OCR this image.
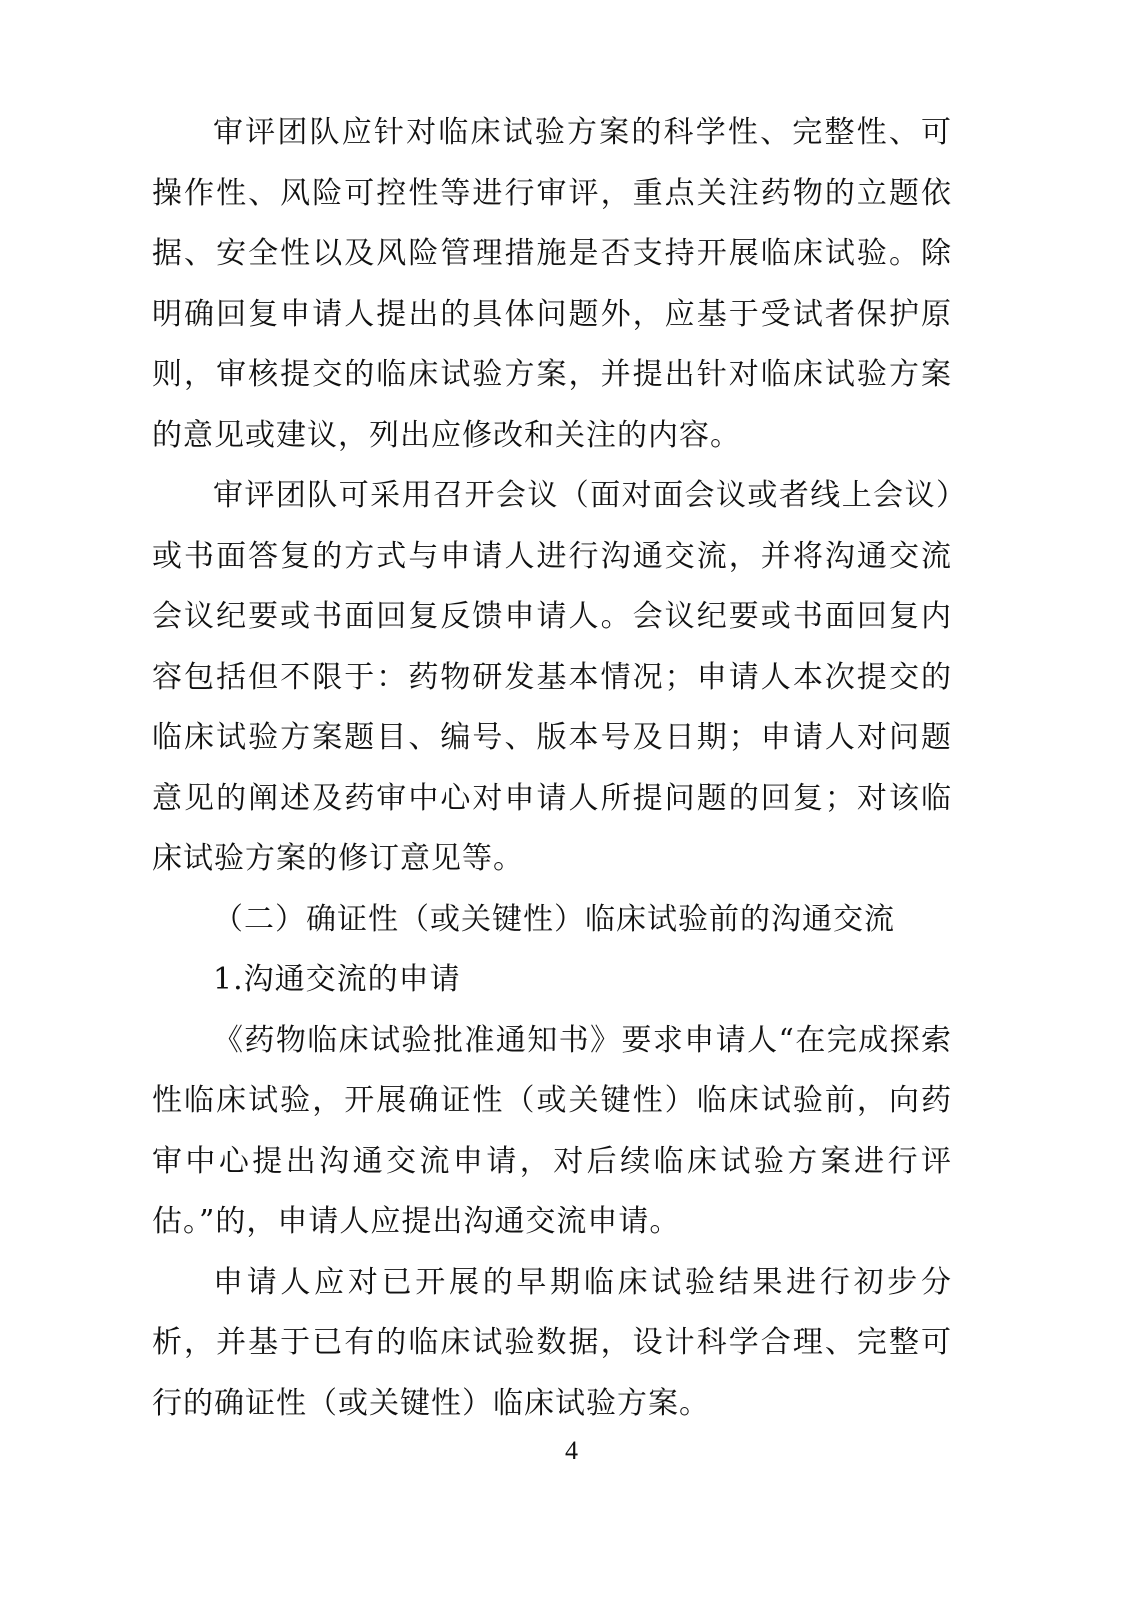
审评团队应针对临床试验方案的科学性、完整性、可操作性、风险可控性等进行审评，重点关注药物的立题依据、安全性以及风险管理措施是否支持开展临床试验。除明确回复申请人提出的具体问题外，应基于受试者保护原则，审核提交的临床试验方案，并提出针对临床试验方案的意见或建议，列出应修改和关注的内容。

审评团队可采用召开会议（面对面会议或者线上会议）或书面答复的方式与申请人进行沟通交流，并将沟通交流会议纪要或书面回复反馈申请人。会议纪要或书面回复内容包括但不限于：药物研发基本情况；申请人本次提交的临床试验方案题目、编号、版本号及日期；申请人对问题意见的阐述及药审中心对申请人所提问题的回复；对该临床试验方案的修订意见等。

（二）确证性（或关键性）临床试验前的沟通交流

1.沟通交流的申请

《药物临床试验批准通知书》要求申请人“在完成探索性临床试验，开展确证性（或关键性）临床试验前，向药审中心提出沟通交流申请，对后续临床试验方案进行评估。”的，申请人应提出沟通交流申请。

申请人应对已开展的早期临床试验结果进行初步分析，并基于已有的临床试验数据，设计科学合理、完整可行的确证性（或关键性）临床试验方案。

4
